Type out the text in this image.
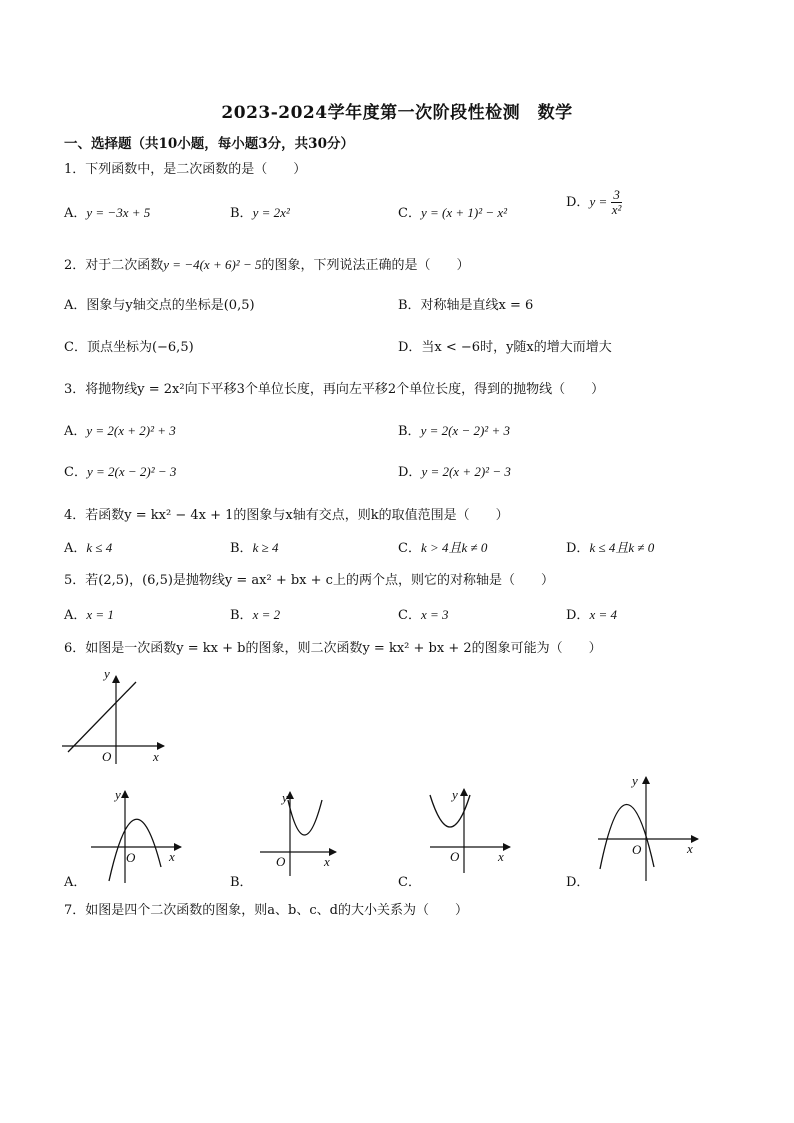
2023-2024学年度第一次阶段性检测　数学
一、选择题（共10小题，每小题3分，共30分）
1．下列函数中，是二次函数的是（　　）
A．y = −3x + 5	B．y = 2x²	C．y = (x + 1)² − x²
D．$y = \frac{3}{\text{x²}}$
2．对于二次函数y = −4(x + 6)² − 5的图象，下列说法正确的是（　　）
A．图象与y轴交点的坐标是(0,5)	B．对称轴是直线x = 6
C．顶点坐标为(−6,5)	D．当x < −6时，y随x的增大而增大
3．将抛物线y = 2x²向下平移3个单位长度，再向左平移2个单位长度，得到的抛物线（　　）
A．y = 2(x + 2)² + 3	B．y = 2(x − 2)² + 3
C．y = 2(x − 2)² − 3	D．y = 2(x + 2)² − 3
4．若函数y = kx² − 4x + 1的图象与x轴有交点，则k的取值范围是（　　）
A．k ≤ 4	B．k ≥ 4	C．k > 4且k ≠ 0	D．k ≤ 4且k ≠ 0
5．若(2,5)，(6,5)是抛物线y = ax² + bx + c上的两个点，则它的对称轴是（　　）
A．x = 1	B．x = 2	C．x = 3	D．x = 4
6．如图是一次函数y = kx + b的图象，则二次函数y = kx² + bx + 2的图象可能为（　　）
y
x
O
y
x
O
A．
y
x
O
B．
y
x
O
C．
y
x
O
D．
7．如图是四个二次函数的图象，则a、b、c、d的大小关系为（　　）
